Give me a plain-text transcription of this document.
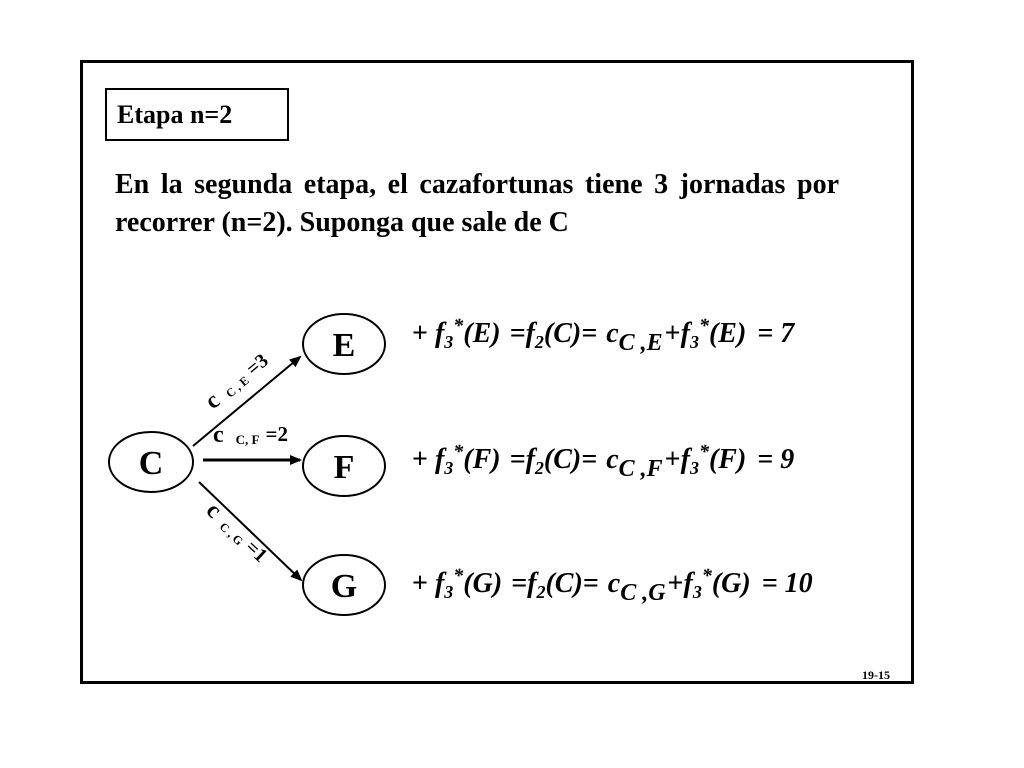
Etapa n=2
En la segunda etapa, el cazafortunas tiene 3 jornadas por recorrer (n=2). Suponga que sale de C
C
E
F
G
c C , E =3
c C, F =2
c C , G =1
+ $f_3^*(E) =f_2(C)=$ cC $,E+f_3^*(E) = 7$
+ $f_3^*(F) =f_2(C)=$ cC $,F+f_3^*(F) = 9$
+ $f_3^*(G) =f_2(C)=$ cC $,G+f_3^*(G) = 10$
19-15
